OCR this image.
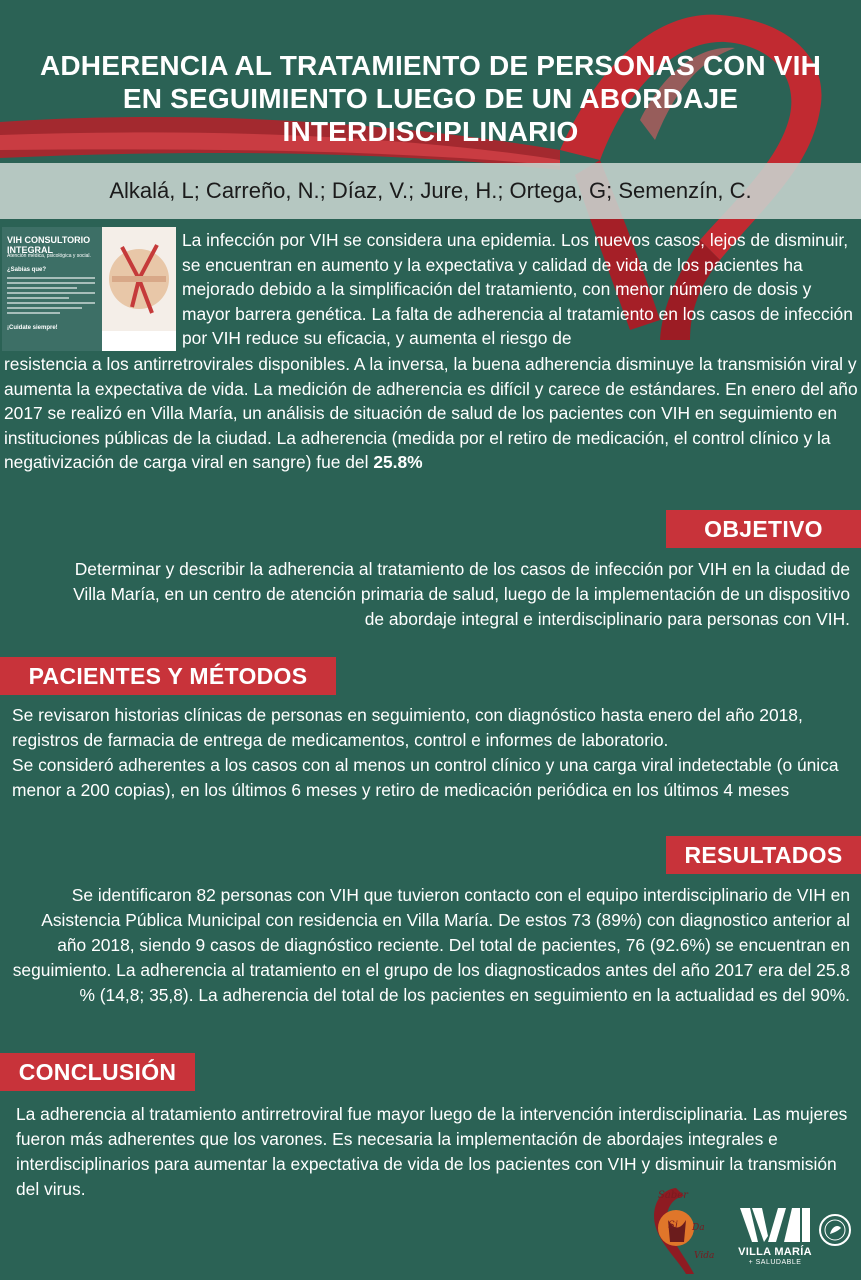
ADHERENCIA AL TRATAMIENTO DE PERSONAS CON VIH EN SEGUIMIENTO LUEGO DE UN ABORDAJE INTERDISCIPLINARIO
Alkalá, L; Carreño, N.; Díaz, V.; Jure, H.; Ortega, G; Semenzín, C.
VIH CONSULTORIO INTEGRAL
Atención médica, psicológica y social.
¿Sabías que?
¡Cuidate siempre!
La infección por VIH se considera una epidemia. Los nuevos casos, lejos de disminuir, se encuentran en aumento y la expectativa y calidad de vida de los pacientes ha mejorado debido a la simplificación del tratamiento, con menor número de dosis y mayor barrera genética. La falta de adherencia al tratamiento en los casos de infección por VIH reduce su eficacia, y aumenta el riesgo de
resistencia a los antirretrovirales disponibles. A la inversa, la buena adherencia disminuye la transmisión viral y aumenta la expectativa de vida. La medición de adherencia es difícil y carece de estándares. En enero del año 2017 se realizó en Villa María, un análisis de situación de salud de los pacientes con VIH en seguimiento en instituciones públicas de la ciudad. La adherencia (medida por el retiro de medicación, el control clínico y la negativización de carga viral en sangre) fue del 25.8%
OBJETIVO
Determinar y describir la adherencia al tratamiento de los casos de infección por VIH en la ciudad de Villa María, en un centro de atención primaria de salud, luego de la implementación de un dispositivo de abordaje integral e interdisciplinario para personas con VIH.
PACIENTES Y MÉTODOS
Se revisaron historias clínicas de personas en seguimiento, con diagnóstico hasta enero del año 2018, registros de farmacia de entrega de medicamentos, control e informes de laboratorio.
Se consideró adherentes a los casos con al menos un control clínico y una carga viral indetectable (o única menor a 200 copias), en los últimos 6 meses y retiro de medicación periódica en los últimos 4 meses
RESULTADOS
Se identificaron 82 personas con VIH que tuvieron contacto con el equipo interdisciplinario de VIH en Asistencia Pública Municipal con residencia en Villa María. De estos 73 (89%) con diagnostico anterior al año 2018, siendo 9 casos de diagnóstico reciente. Del total de pacientes, 76 (92.6%) se encuentran en seguimiento. La adherencia al tratamiento en el grupo de los diagnosticados antes del año 2017 era del 25.8 % (14,8; 35,8). La adherencia del total de los pacientes en seguimiento en la actualidad es del 90%.
CONCLUSIÓN
La adherencia al tratamiento antirretroviral fue mayor luego de la intervención interdisciplinaria. Las mujeres fueron más adherentes que los varones. Es necesaria la implementación de abordajes integrales e interdisciplinarios para aumentar la expectativa de vida de los pacientes con VIH y disminuir la transmisión del virus.	Saber
Si Da
Vida	VILLA MARÍA
+ SALUDABLE
